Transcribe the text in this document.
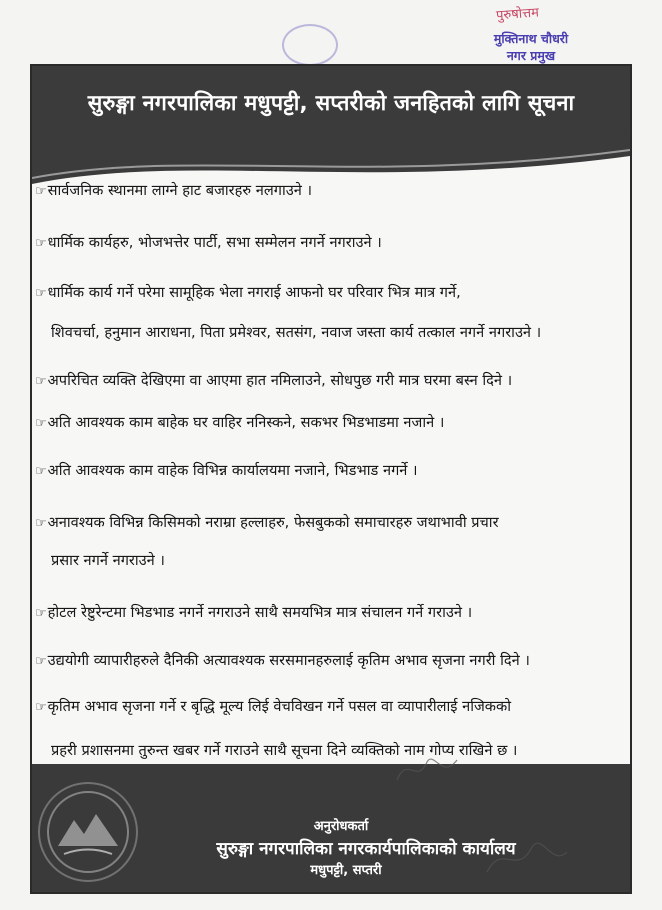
पुरुषोत्तम
मुक्तिनाथ चौधरी
नगर प्रमुख
सुरुङ्गा नगरपालिका मधुपट्टी, सप्तरीको जनहितको लागि सूचना
☞सार्वजनिक स्थानमा लाग्ने हाट बजारहरु नलगाउने ।
☞धार्मिक कार्यहरु, भोजभत्तेर पार्टी, सभा सम्मेलन नगर्ने नगराउने ।
☞धार्मिक कार्य गर्ने परेमा सामूहिक भेला नगराई आफनो घर परिवार भित्र मात्र गर्ने,
शिवचर्चा, हनुमान आराधना, पिता प्रमेश्वर, सतसंग, नवाज जस्ता कार्य तत्काल नगर्ने नगराउने ।
☞अपरिचित व्यक्ति देखिएमा वा आएमा हात नमिलाउने, सोधपुछ गरी मात्र घरमा बस्न दिने ।
☞अति आवश्यक काम बाहेक घर वाहिर ननिस्कने, सकभर भिडभाडमा नजाने ।
☞अति आवश्यक काम वाहेक विभिन्न कार्यालयमा नजाने, भिडभाड नगर्ने ।
☞अनावश्यक विभिन्न किसिमको नराम्रा हल्लाहरु, फेसबुकको समाचारहरु जथाभावी प्रचार
प्रसार नगर्ने नगराउने ।
☞होटल रेष्टुरेन्टमा भिडभाड नगर्ने नगराउने साथै समयभित्र मात्र संचालन गर्ने गराउने ।
☞उद्ययोगी व्यापारीहरुले दैनिकी अत्यावश्यक सरसमानहरुलाई कृतिम अभाव सृजना नगरी दिने ।
☞कृतिम अभाव सृजना गर्ने र बृद्धि मूल्य लिई वेचविखन गर्ने पसल वा व्यापारीलाई नजिकको
प्रहरी प्रशासनमा तुरुन्त खबर गर्ने गराउने साथै सूचना दिने व्यक्तिको नाम गोप्य राखिने छ ।
अनुरोधकर्ता
सुरुङ्गा नगरपालिका नगरकार्यपालिकाको कार्यालय
मधुपट्टी, सप्तरी
